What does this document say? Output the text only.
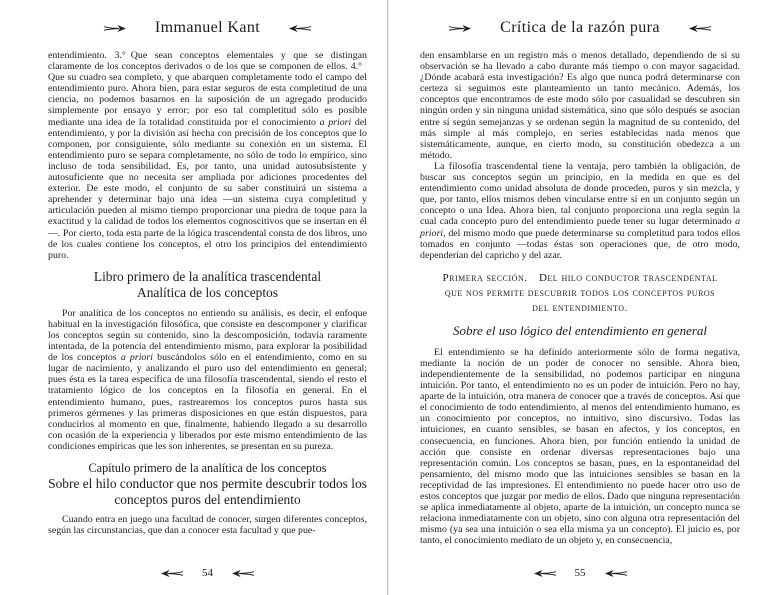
Immanuel Kant

entendimiento. 3.° Que sean conceptos elementales y que se distingan claramente de los conceptos derivados o de los que se componen de ellos. 4.° Que su cuadro sea completo, y que abarquen completamente todo el campo del entendimiento puro. Ahora bien, para estar seguros de esta completitud de una ciencia, no podemos basarnos en la suposición de un agregado producido simplemente por ensayo y error; por eso tal completitud sólo es posible mediante una idea de la totalidad constituida por el conocimiento a priori del entendimiento, y por la división así hecha con precisión de los conceptos que lo componen, por consiguiente, sólo mediante su conexión en un sistema. El entendimiento puro se separa completamente, no sólo de todo lo empírico, sino incluso de toda sensibilidad. Es, por tanto, una unidad autosubsistente y autosuficiente que no necesita ser ampliada por adiciones procedentes del exterior. De este modo, el conjunto de su saber constituirá un sistema a aprehender y determinar bajo una idea —un sistema cuya completitud y articulación pueden al mismo tiempo proporcionar una piedra de toque para la exactitud y la calidad de todos los elementos cognoscitivos que se insertan en él—. Por cierto, toda esta parte de la lógica trascendental consta de dos libros, uno de los cuales contiene los conceptos, el otro los principios del entendimiento puro.

Libro primero de la analítica trascendental
Analítica de los conceptos

Por analítica de los conceptos no entiendo su análisis, es decir, el enfoque habitual en la investigación filosófica, que consiste en descomponer y clarificar los conceptos según su contenido, sino la descomposición, todavía raramente intentada, de la potencia del entendimiento mismo, para explorar la posibilidad de los conceptos a priori buscándolos sólo en el entendimiento, como en su lugar de nacimiento, y analizando el puro uso del entendimiento en general; pues ésta es la tarea específica de una filosofía trascendental, siendo el resto el tratamiento lógico de los conceptos en la filosofía en general. En el entendimiento humano, pues, rastrearemos los conceptos puros hasta sus primeros gérmenes y las primeras disposiciones en que están dispuestos, para conducirlos al momento en que, finalmente, habiendo llegado a su desarrollo con ocasión de la experiencia y liberados por este mismo entendimiento de las condiciones empíricas que les son inherentes, se presentan en su pureza.

Capítulo primero de la analítica de los conceptos
Sobre el hilo conductor que nos permite descubrir todos los conceptos puros del entendimiento

Cuando entra en juego una facultad de conocer, surgen diferentes conceptos, según las circunstancias, que dan a conocer esta facultad y que pue-

54
Crítica de la razón pura

den ensamblarse en un registro más o menos detallado, dependiendo de si su observación se ha llevado a cabo durante más tiempo o con mayor sagacidad. ¿Dónde acabará esta investigación? Es algo que nunca podrá determinarse con certeza si seguimos este planteamiento un tanto mecánico. Además, los conceptos que encontramos de este modo sólo por casualidad se descubren sin ningún orden y sin ninguna unidad sistemática, sino que sólo después se asocian entre sí según semejanzas y se ordenan según la magnitud de su contenido, del más simple al más complejo, en series establecidas nada menos que sistemáticamente, aunque, en cierto modo, su constitución obedezca a un método.

La filosofía trascendental tiene la ventaja, pero también la obligación, de buscar sus conceptos según un principio, en la medida en que es del entendimiento como unidad absoluta de donde proceden, puros y sin mezcla, y que, por tanto, ellos mismos deben vincularse entre sí en un conjunto según un concepto o una Idea. Ahora bien, tal conjunto proporciona una regla según la cual cada concepto puro del entendimiento puede tener su lugar determinado a priori, del mismo modo que puede determinarse su completitud para todos ellos tomados en conjunto —todas éstas son operaciones que, de otro modo, dependerían del capricho y del azar.

Primera sección. Del hilo conductor trascendental que nos permite descubrir todos los conceptos puros del entendimiento.
Sobre el uso lógico del entendimiento en general

El entendimiento se ha definido anteriormente sólo de forma negativa, mediante la noción de un poder de conocer no sensible. Ahora bien, independientemente de la sensibilidad, no podemos participar en ninguna intuición. Por tanto, el entendimiento no es un poder de intuición. Pero no hay, aparte de la intuición, otra manera de conocer que a través de conceptos. Así que el conocimiento de todo entendimiento, al menos del entendimiento humano, es un conocimiento por conceptos, no intuitivo, sino discursivo. Todas las intuiciones, en cuanto sensibles, se basan en afectos, y los conceptos, en consecuencia, en funciones. Ahora bien, por función entiendo la unidad de acción que consiste en ordenar diversas representaciones bajo una representación común. Los conceptos se basan, pues, en la espontaneidad del pensamiento, del mismo modo que las intuiciones sensibles se basan en la receptividad de las impresiones. El entendimiento no puede hacer otro uso de estos conceptos que juzgar por medio de ellos. Dado que ninguna representación se aplica inmediatamente al objeto, aparte de la intuición, un concepto nunca se relaciona inmediatamente con un objeto, sino con alguna otra representación del mismo (ya sea una intuición o sea ella misma ya un concepto). El juicio es, por tanto, el conocimiento mediato de un objeto y, en consecuencia,

55
